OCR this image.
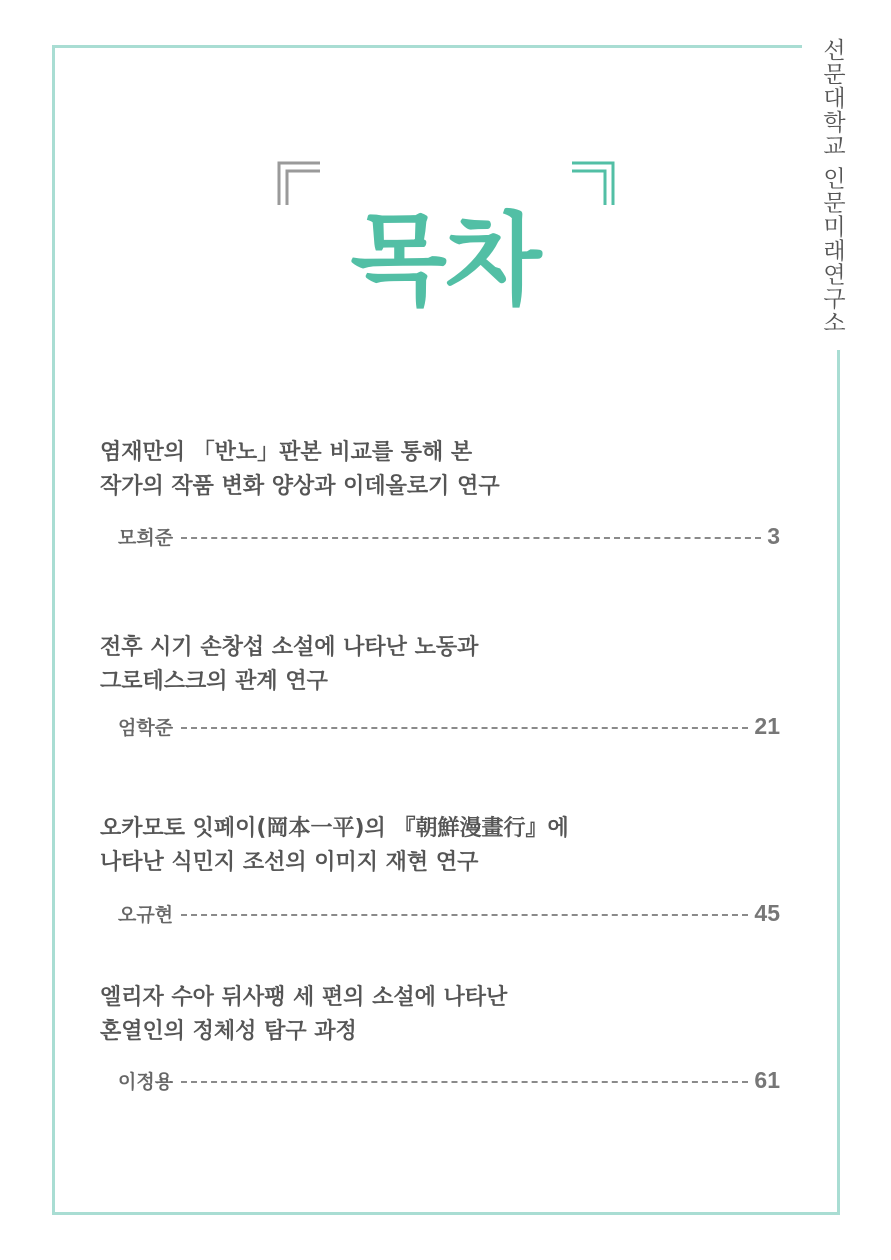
선문대학교 인문미래연구소
목차

염재만의 「반노」판본 비교를 통해 본

작가의 작품 변화 양상과 이데올로기 연구

모희준	3

전후 시기 손창섭 소설에 나타난 노동과

그로테스크의 관계 연구

엄학준	21

오카모토 잇페이(岡本一平)의 『朝鮮漫畫行』에

나타난 식민지 조선의 이미지 재현 연구

오규현	45

엘리자 수아 뒤사팽 세 편의 소설에 나타난

혼열인의 정체성 탐구 과정

이정용	61
